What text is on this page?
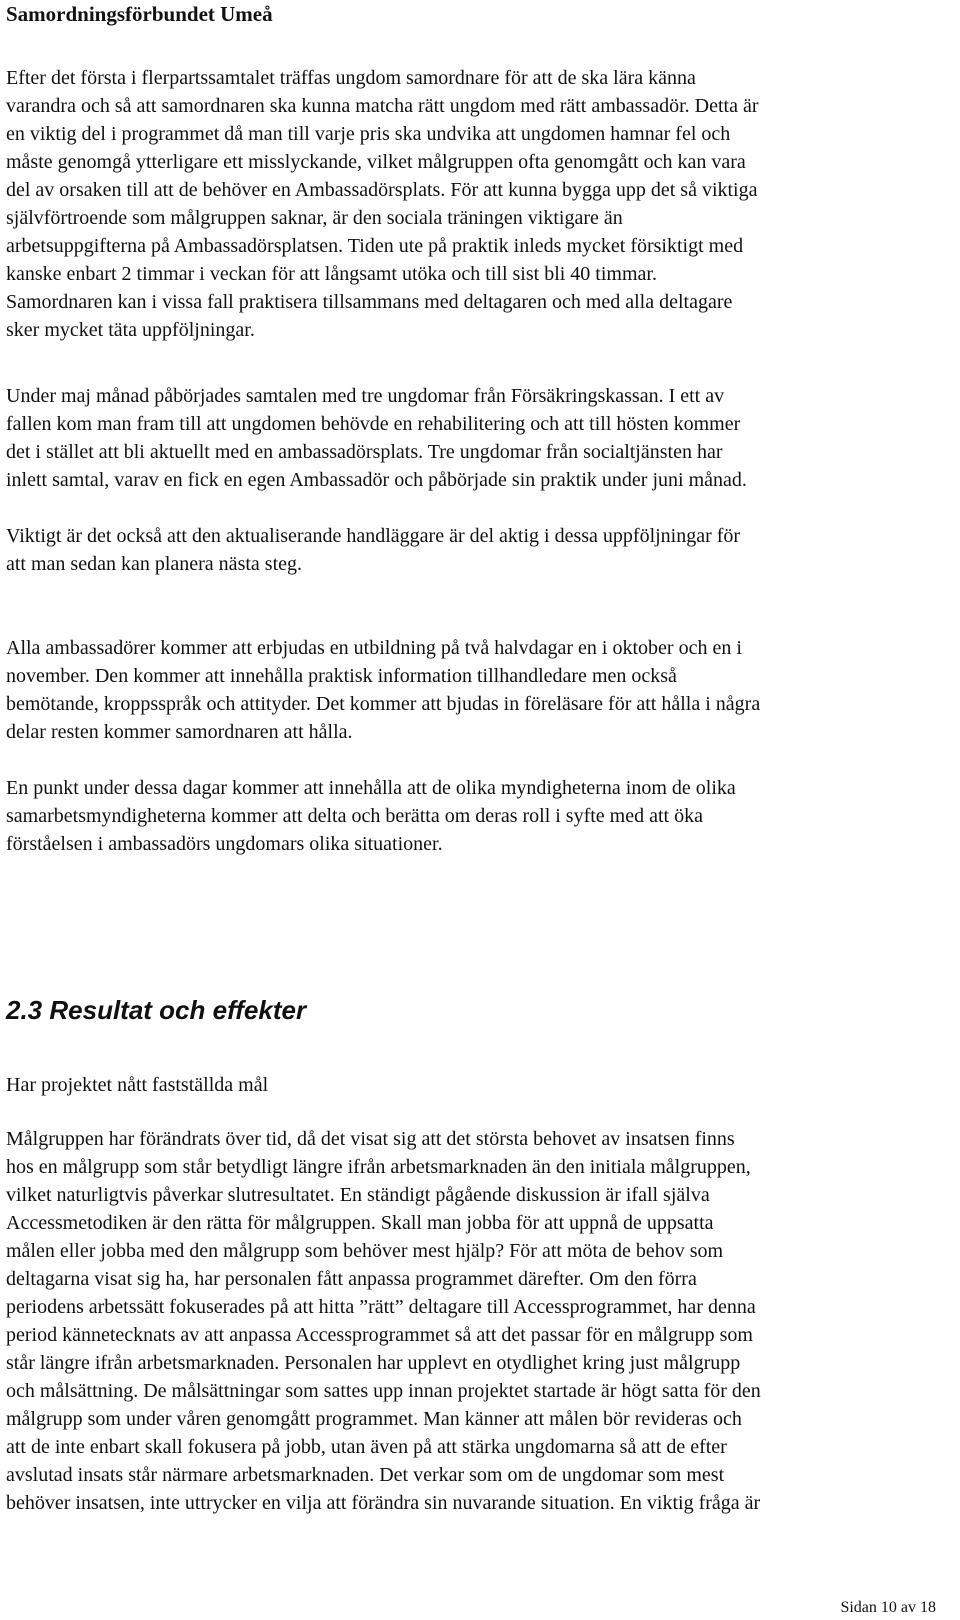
Samordningsförbundet Umeå
Efter det första i flerpartssamtalet träffas ungdom samordnare för att de ska lära känna
varandra och så att samordnaren ska kunna matcha rätt ungdom med rätt ambassadör. Detta är
en viktig del i programmet då man till varje pris ska undvika att ungdomen hamnar fel och
måste genomgå ytterligare ett misslyckande, vilket målgruppen ofta genomgått och kan vara
del av orsaken till att de behöver en Ambassadörsplats. För att kunna bygga upp det så viktiga
självförtroende som målgruppen saknar, är den sociala träningen viktigare än
arbetsuppgifterna på Ambassadörsplatsen. Tiden ute på praktik inleds mycket försiktigt med
kanske enbart 2 timmar i veckan för att långsamt utöka och till sist bli 40 timmar.
Samordnaren kan i vissa fall praktisera tillsammans med deltagaren och med alla deltagare
sker mycket täta uppföljningar.
Under maj månad påbörjades samtalen med tre ungdomar från Försäkringskassan. I ett av
fallen kom man fram till att ungdomen behövde en rehabilitering och att till hösten kommer
det i stället att bli aktuellt med en ambassadörsplats. Tre ungdomar från socialtjänsten har
inlett samtal, varav en fick en egen Ambassadör och påbörjade sin praktik under juni månad.
Viktigt är det också att den aktualiserande handläggare är del aktig i dessa uppföljningar för
att man sedan kan planera nästa steg.
Alla ambassadörer kommer att erbjudas en utbildning på två halvdagar en i oktober och en i
november. Den kommer att innehålla praktisk information tillhandledare men också
bemötande, kroppsspråk och attityder. Det kommer att bjudas in föreläsare för att hålla i några
delar resten kommer samordnaren att hålla.
En punkt under dessa dagar kommer att innehålla att de olika myndigheterna inom de olika
samarbetsmyndigheterna kommer att delta och berätta om deras roll i syfte med att öka
förståelsen i ambassadörs ungdomars olika situationer.
2.3 Resultat och effekter
Har projektet nått fastställda mål
Målgruppen har förändrats över tid, då det visat sig att det största behovet av insatsen finns
hos en målgrupp som står betydligt längre ifrån arbetsmarknaden än den initiala målgruppen,
vilket naturligtvis påverkar slutresultatet. En ständigt pågående diskussion är ifall själva
Accessmetodiken är den rätta för målgruppen. Skall man jobba för att uppnå de uppsatta
målen eller jobba med den målgrupp som behöver mest hjälp? För att möta de behov som
deltagarna visat sig ha, har personalen fått anpassa programmet därefter. Om den förra
periodens arbetssätt fokuserades på att hitta ”rätt” deltagare till Accessprogrammet, har denna
period kännetecknats av att anpassa Accessprogrammet så att det passar för en målgrupp som
står längre ifrån arbetsmarknaden. Personalen har upplevt en otydlighet kring just målgrupp
och målsättning. De målsättningar som sattes upp innan projektet startade är högt satta för den
målgrupp som under våren genomgått programmet. Man känner att målen bör revideras och
att de inte enbart skall fokusera på jobb, utan även på att stärka ungdomarna så att de efter
avslutad insats står närmare arbetsmarknaden. Det verkar som om de ungdomar som mest
behöver insatsen, inte uttrycker en vilja att förändra sin nuvarande situation. En viktig fråga är
Sidan 10 av 18
